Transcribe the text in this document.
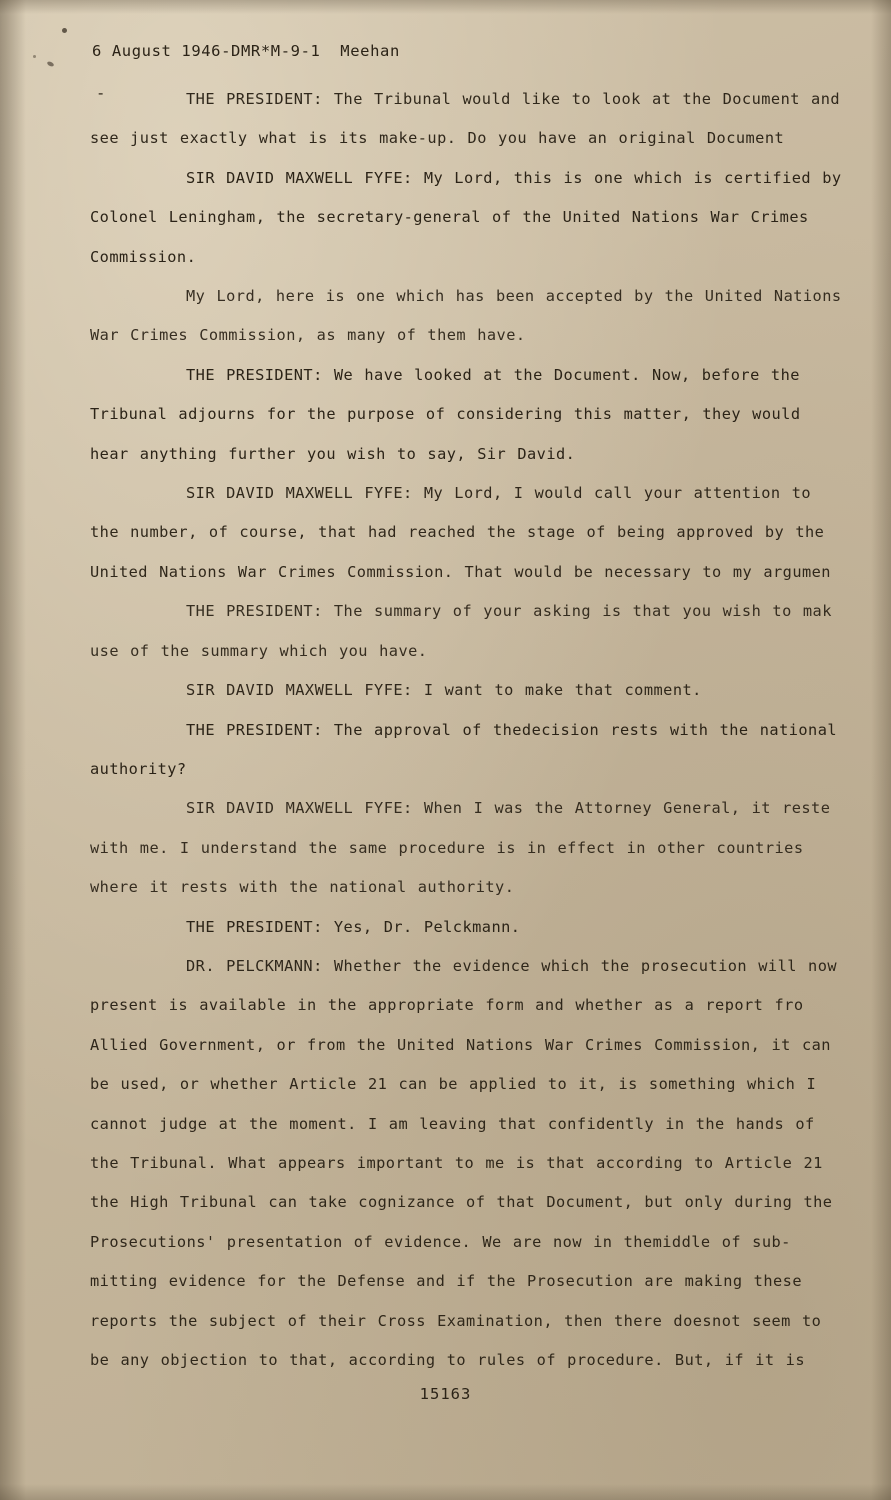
6 August 1946-DMR*M-9-1  Meehan
-	THE PRESIDENT: The Tribunal would like to look at the Document and see just exactly what is its make-up. Do you have an original Document

SIR DAVID MAXWELL FYFE: My Lord, this is one which is certified by Colonel Leningham, the secretary-general of the United Nations War Crimes Commission.

My Lord, here is one which has been accepted by the United Nations War Crimes Commission, as many of them have.

THE PRESIDENT: We have looked at the Document. Now, before the Tribunal adjourns for the purpose of considering this matter, they would hear anything further you wish to say, Sir David.

SIR DAVID MAXWELL FYFE: My Lord, I would call your attention to the number, of course, that had reached the stage of being approved by the United Nations War Crimes Commission. That would be necessary to my argumen

THE PRESIDENT: The summary of your asking is that you wish to mak use of the summary which you have.

SIR DAVID MAXWELL FYFE: I want to make that comment.

THE PRESIDENT: The approval of thedecision rests with the national authority?

SIR DAVID MAXWELL FYFE: When I was the Attorney General, it reste with me. I understand the same procedure is in effect in other countries where it rests with the national authority.

THE PRESIDENT: Yes, Dr. Pelckmann.

DR. PELCKMANN: Whether the evidence which the prosecution will now present is available in the appropriate form and whether as a report fro Allied Government, or from the United Nations War Crimes Commission, it can be used, or whether Article 21 can be applied to it, is something which I cannot judge at the moment. I am leaving that confidently in the hands of the Tribunal. What appears important to me is that according to Article 21 the High Tribunal can take cognizance of that Document, but only during the Prosecutions' presentation of evidence. We are now in themiddle of sub-mitting evidence for the Defense and if the Prosecution are making these reports the subject of their Cross Examination, then there doesnot seem to be any objection to that, according to rules of procedure. But, if it is

15163
